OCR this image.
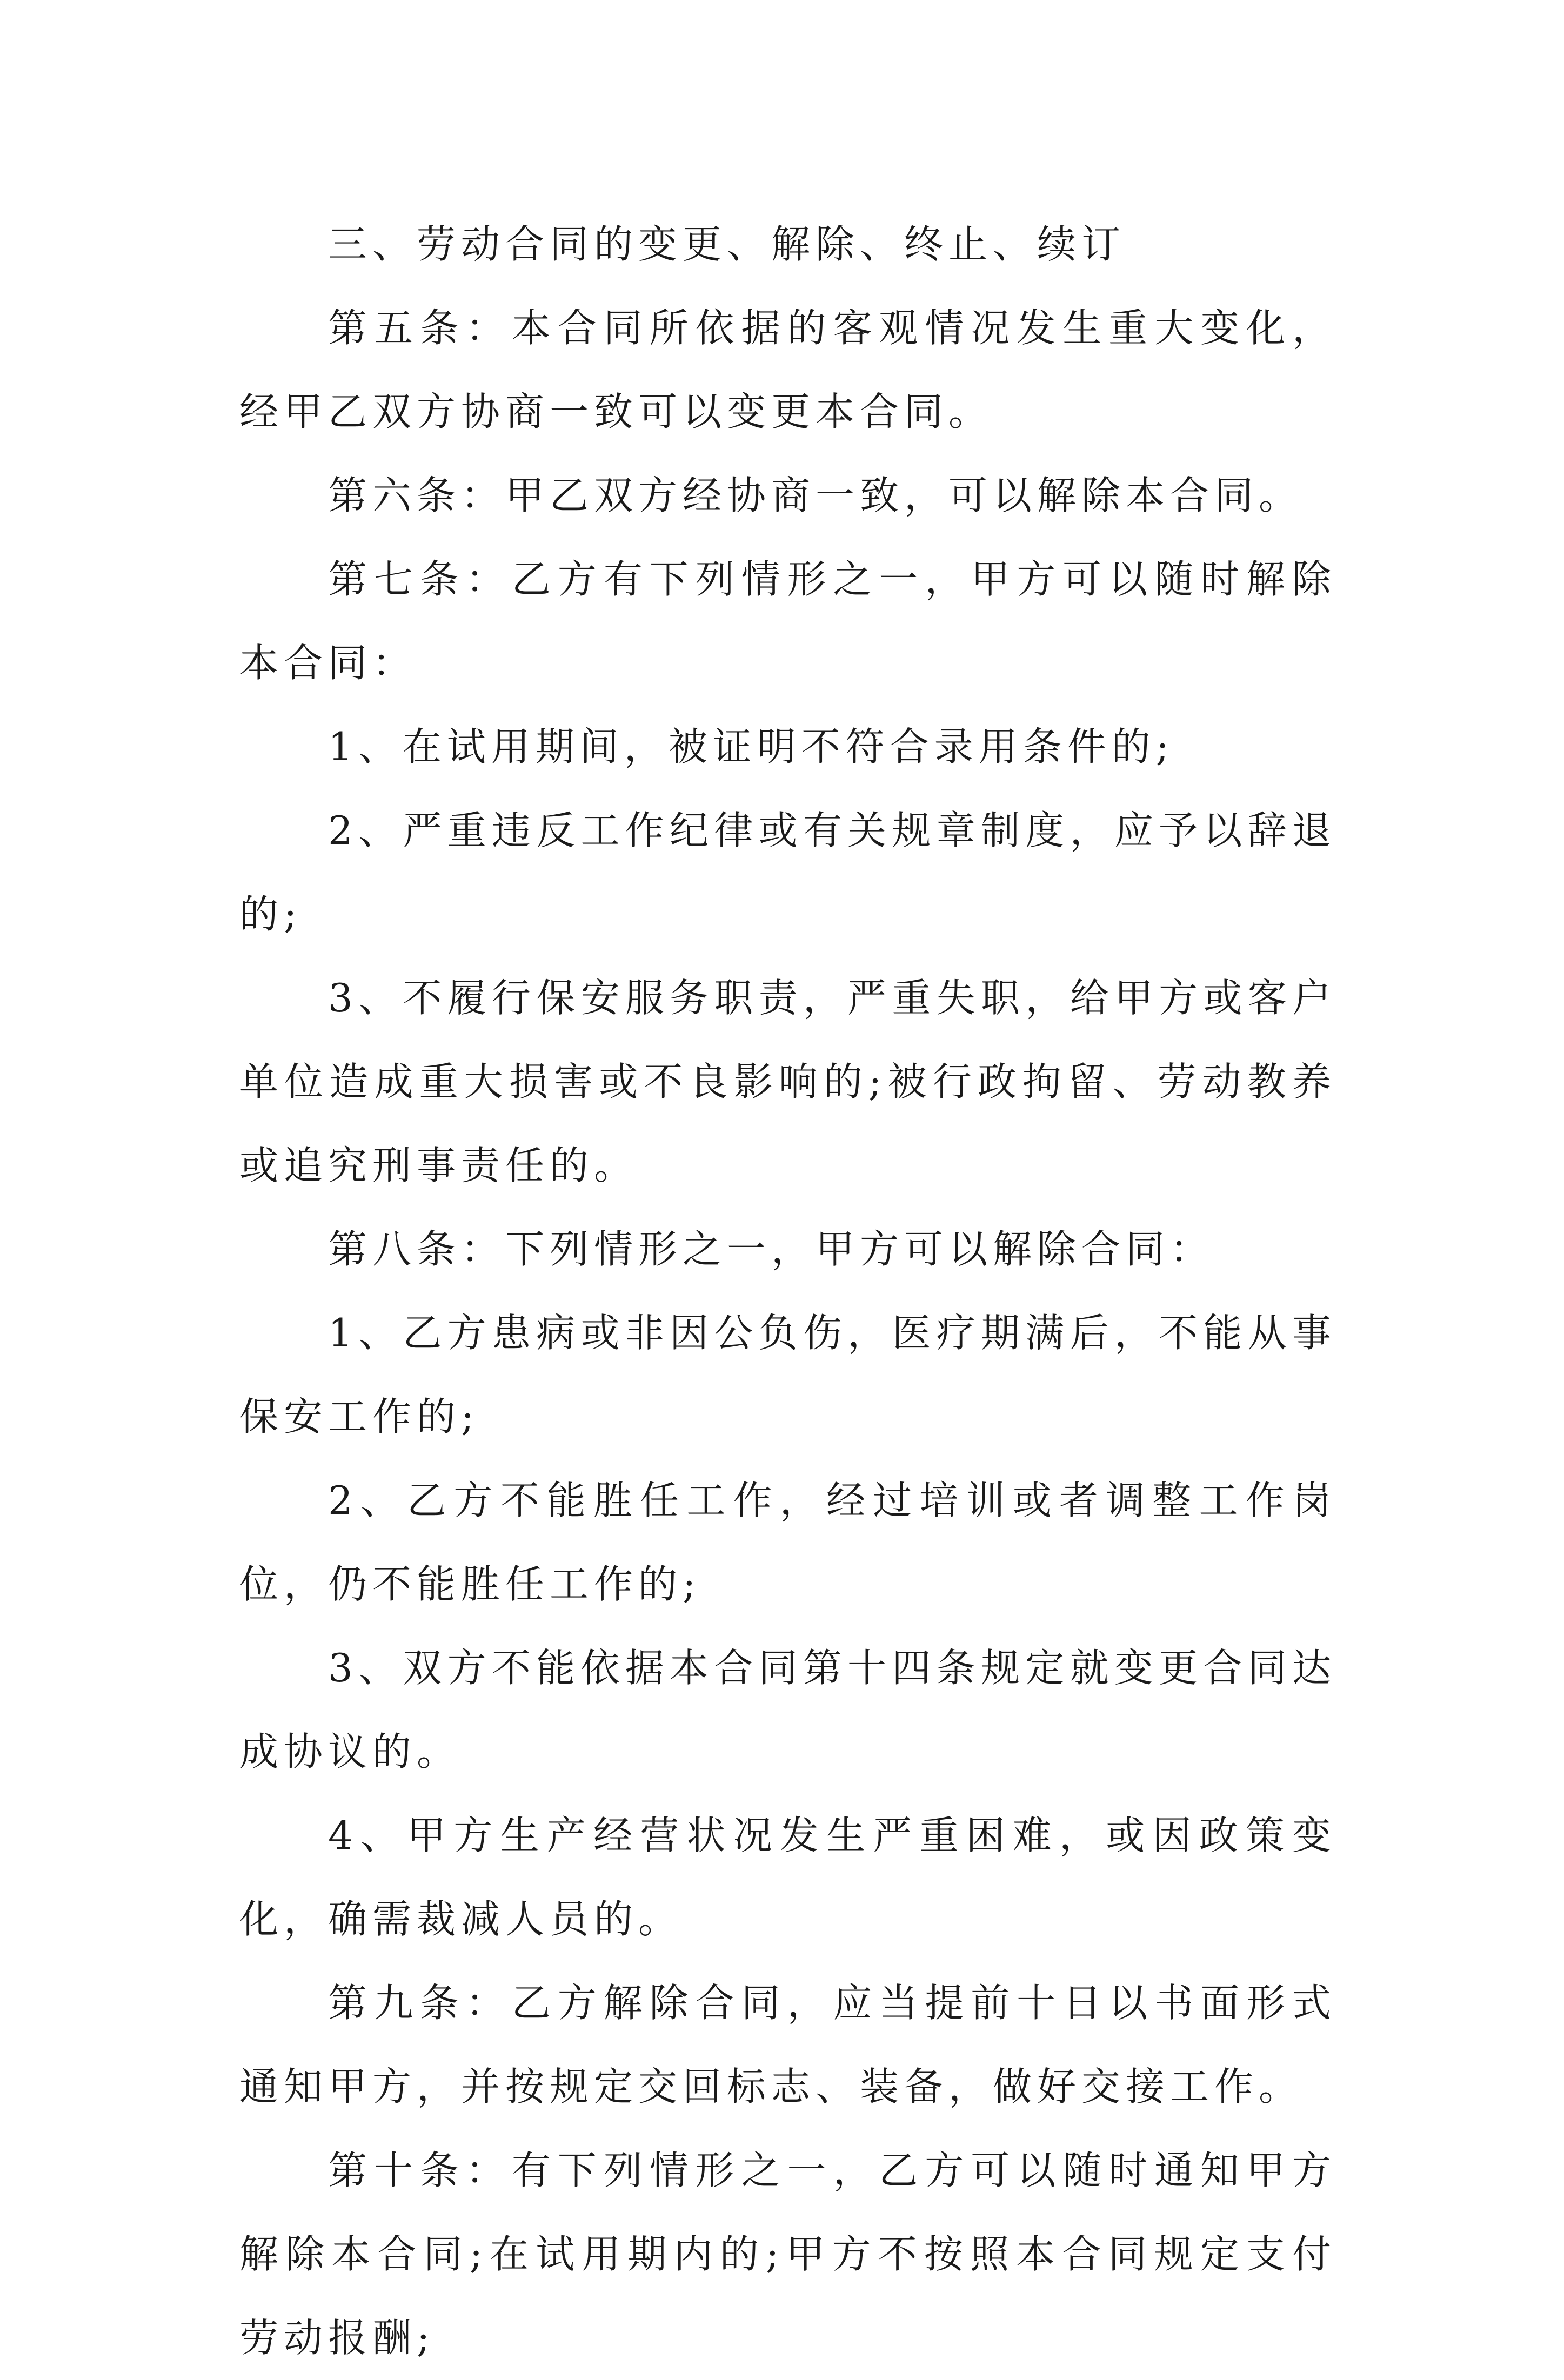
三、劳动合同的变更、解除、终止、续订

第五条：本合同所依据的客观情况发生重大变化，经甲乙双方协商一致可以变更本合同。

第六条：甲乙双方经协商一致，可以解除本合同。

第七条：乙方有下列情形之一，甲方可以随时解除本合同：

1、在试用期间，被证明不符合录用条件的;

2、严重违反工作纪律或有关规章制度，应予以辞退的;

3、不履行保安服务职责，严重失职，给甲方或客户单位造成重大损害或不良影响的;被行政拘留、劳动教养或追究刑事责任的。

第八条：下列情形之一，甲方可以解除合同：

1、乙方患病或非因公负伤，医疗期满后，不能从事保安工作的;

2、乙方不能胜任工作，经过培训或者调整工作岗位，仍不能胜任工作的;

3、双方不能依据本合同第十四条规定就变更合同达成协议的。

4、甲方生产经营状况发生严重困难，或因政策变化，确需裁减人员的。

第九条：乙方解除合同，应当提前十日以书面形式通知甲方，并按规定交回标志、装备，做好交接工作。

第十条：有下列情形之一，乙方可以随时通知甲方解除本合同;在试用期内的;甲方不按照本合同规定支付劳动报酬;
